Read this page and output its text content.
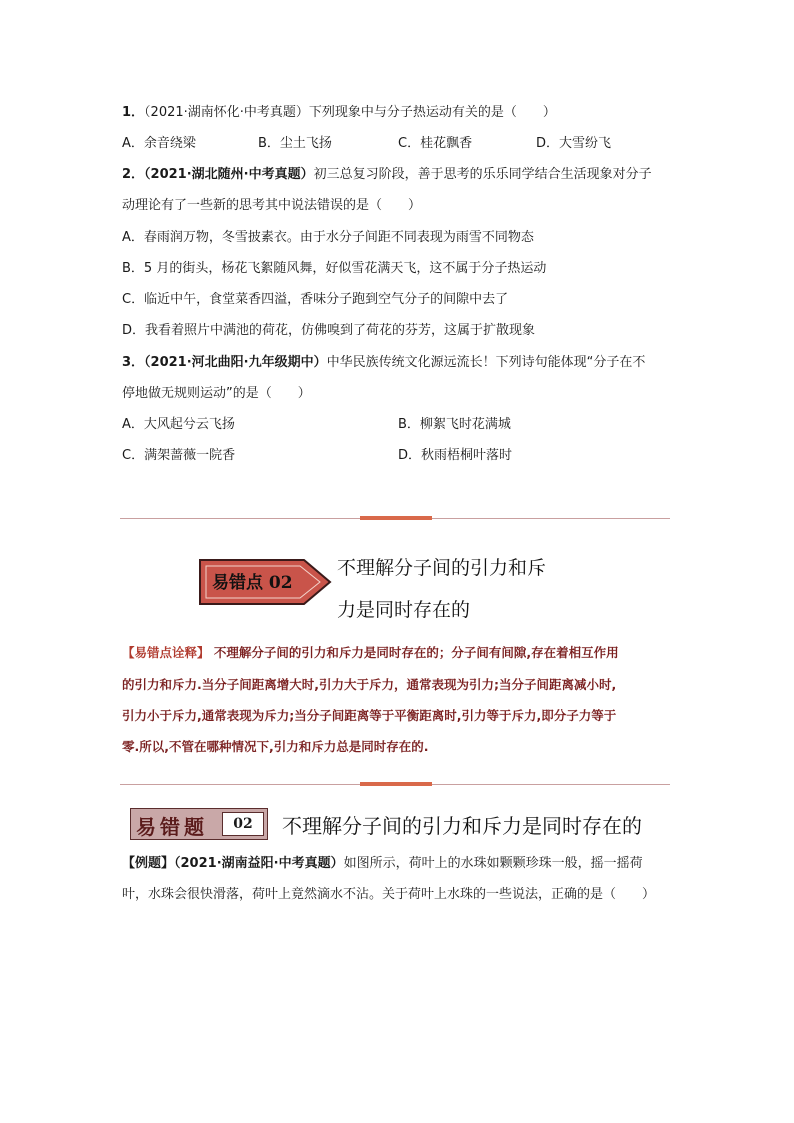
1．（2021·湖南怀化·中考真题）下列现象中与分子热运动有关的是（　　）
A．余音绕梁	B．尘土飞扬	C．桂花飘香	D．大雪纷飞
2．（2021·湖北随州·中考真题）初三总复习阶段，善于思考的乐乐同学结合生活现象对分子
动理论有了一些新的思考其中说法错误的是（　　）
A．春雨润万物，冬雪披素衣。由于水分子间距不同表现为雨雪不同物态
B．5 月的街头，杨花飞絮随风舞，好似雪花满天飞，这不属于分子热运动
C．临近中午，食堂菜香四溢，香味分子跑到空气分子的间隙中去了
D．我看着照片中满池的荷花，仿佛嗅到了荷花的芬芳，这属于扩散现象
3．（2021·河北曲阳·九年级期中）中华民族传统文化源远流长！下列诗句能体现“分子在不
停地做无规则运动”的是（　　）
A．大风起兮云飞扬	B．柳絮飞时花满城
C．满架蔷薇一院香	D．秋雨梧桐叶落时
易错点 02
不理解分子间的引力和斥
力是同时存在的
【易错点诠释】 不理解分子间的引力和斥力是同时存在的；分子间有间隙,存在着相互作用
的引力和斥力.当分子间距离增大时,引力大于斥力，通常表现为引力;当分子间距离减小时,
引力小于斥力,通常表现为斥力;当分子间距离等于平衡距离时,引力等于斥力,即分子力等于
零.所以,不管在哪种情况下,引力和斥力总是同时存在的.
易错题	02	不理解分子间的引力和斥力是同时存在的
【例题】（2021·湖南益阳·中考真题）如图所示，荷叶上的水珠如颗颗珍珠一般，摇一摇荷
叶，水珠会很快滑落，荷叶上竟然滴水不沾。关于荷叶上水珠的一些说法，正确的是（　　）
